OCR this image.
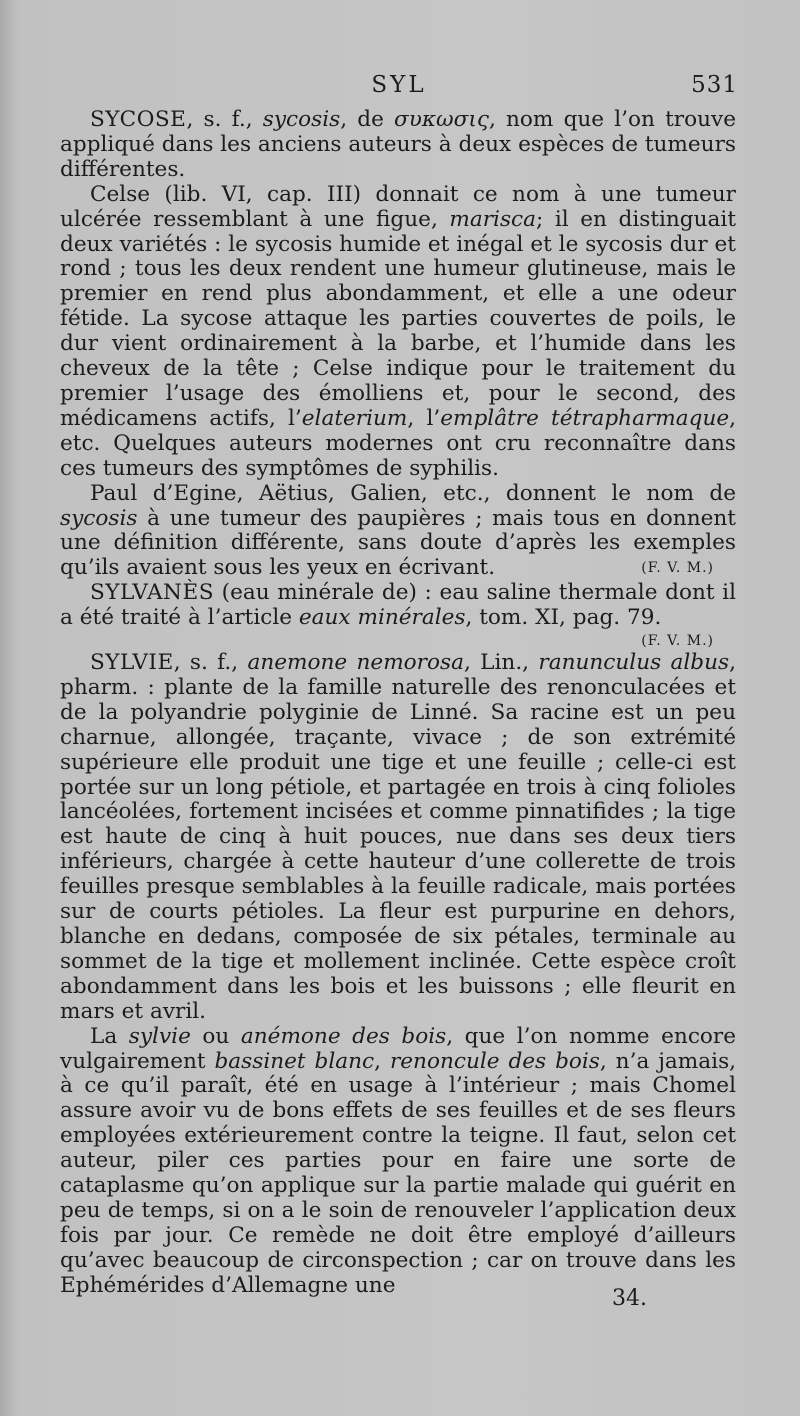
SYL	531

SYCOSE, s. f., sycosis, de συκωσις, nom que l’on trouve appliqué dans les anciens auteurs à deux espèces de tumeurs différentes.

Celse (lib. VI, cap. III) donnait ce nom à une tumeur ulcérée ressemblant à une figue, marisca; il en distinguait deux variétés : le sycosis humide et inégal et le sycosis dur et rond ; tous les deux rendent une humeur glutineuse, mais le premier en rend plus abondamment, et elle a une odeur fétide. La sycose attaque les parties couvertes de poils, le dur vient ordinairement à la barbe, et l’humide dans les cheveux de la tête ; Celse indique pour le traitement du premier l’usage des émolliens et, pour le second, des médicamens actifs, l’elaterium, l’emplâtre tétrapharmaque, etc. Quelques auteurs modernes ont cru reconnaître dans ces tumeurs des symptômes de syphilis.

Paul d’Egine, Aëtius, Galien, etc., donnent le nom de sycosis à une tumeur des paupières ; mais tous en donnent une définition différente, sans doute d’après les exemples qu’ils avaient sous les yeux en écrivant.	(F. V. M.)

SYLVANÈS (eau minérale de) : eau saline thermale dont il a été traité à l’article eaux minérales, tom. XI, pag. 79.

(F. V. M.)

SYLVIE, s. f., anemone nemorosa, Lin., ranunculus albus, pharm. : plante de la famille naturelle des renonculacées et de la polyandrie polyginie de Linné. Sa racine est un peu charnue, allongée, traçante, vivace ; de son extrémité supérieure elle produit une tige et une feuille ; celle-ci est portée sur un long pétiole, et partagée en trois à cinq folioles lancéolées, fortement incisées et comme pinnatifides ; la tige est haute de cinq à huit pouces, nue dans ses deux tiers inférieurs, chargée à cette hauteur d’une collerette de trois feuilles presque semblables à la feuille radicale, mais portées sur de courts pétioles. La fleur est purpurine en dehors, blanche en dedans, composée de six pétales, terminale au sommet de la tige et mollement inclinée. Cette espèce croît abondamment dans les bois et les buissons ; elle fleurit en mars et avril.

La sylvie ou anémone des bois, que l’on nomme encore vulgairement bassinet blanc, renoncule des bois, n’a jamais, à ce qu’il paraît, été en usage à l’intérieur ; mais Chomel assure avoir vu de bons effets de ses feuilles et de ses fleurs employées extérieurement contre la teigne. Il faut, selon cet auteur, piler ces parties pour en faire une sorte de cataplasme qu’on applique sur la partie malade qui guérit en peu de temps, si on a le soin de renouveler l’application deux fois par jour. Ce remède ne doit être employé d’ailleurs qu’avec beaucoup de circonspection ; car on trouve dans les Ephémérides d’Allemagne une

34.
